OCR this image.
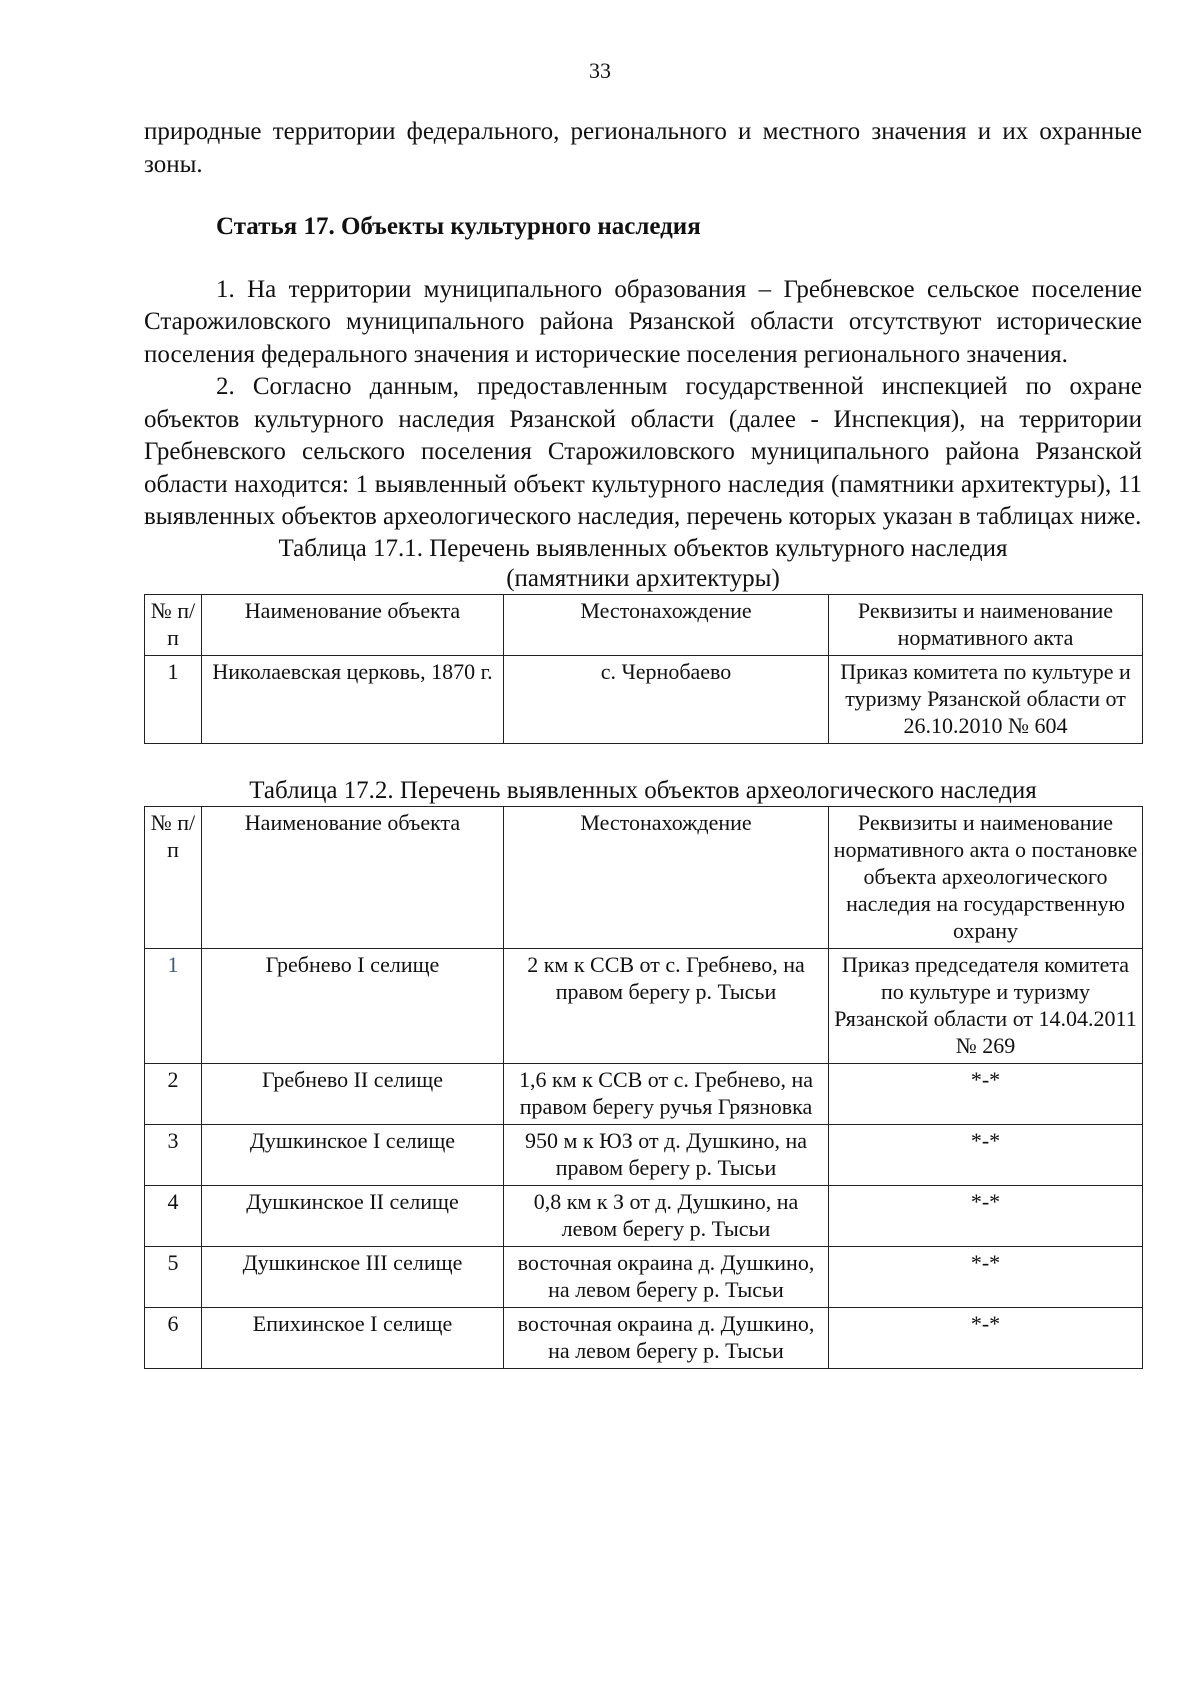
33

природные территории федерального, регионального и местного значения и их охранные зоны.

Статья 17. Объекты культурного наследия

1. На территории муниципального образования – Гребневское сельское поселение Старожиловского муниципального района Рязанской области отсутствуют исторические поселения федерального значения и исторические поселения регионального значения.

2. Согласно данным, предоставленным государственной инспекцией по охране объектов культурного наследия Рязанской области (далее - Инспекция), на территории Гребневского сельского поселения Старожиловского муниципального района Рязанской области находится: 1 выявленный объект культурного наследия (памятники архитектуры), 11 выявленных объектов археологического наследия, перечень которых указан в таблицах ниже.

Таблица 17.1. Перечень выявленных объектов культурного наследия

(памятники архитектуры)

№ п/п	Наименование объекта	Местонахождение	Реквизиты и наименование нормативного акта
1	Николаевская церковь, 1870 г.	с. Чернобаево	Приказ комитета по культуре и туризму Рязанской области от 26.10.2010 № 604

Таблица 17.2. Перечень выявленных объектов археологического наследия

№ п/п	Наименование объекта	Местонахождение	Реквизиты и наименование нормативного акта о постановке объекта археологического наследия на государственную охрану
1	Гребнево I селище	2 км к ССВ от с. Гребнево, на правом берегу р. Тысьи	Приказ председателя комитета по культуре и туризму Рязанской области от 14.04.2011 № 269
2	Гребнево II селище	1,6 км к ССВ от с. Гребнево, на правом берегу ручья Грязновка	*-*
3	Душкинское I селище	950 м к ЮЗ от д. Душкино, на правом берегу р. Тысьи	*-*
4	Душкинское II селище	0,8 км к З от д. Душкино, на левом берегу р. Тысьи	*-*
5	Душкинское III селище	восточная окраина д. Душкино, на левом берегу р. Тысьи	*-*
6	Епихинское I селище	восточная окраина д. Душкино, на левом берегу р. Тысьи	*-*
